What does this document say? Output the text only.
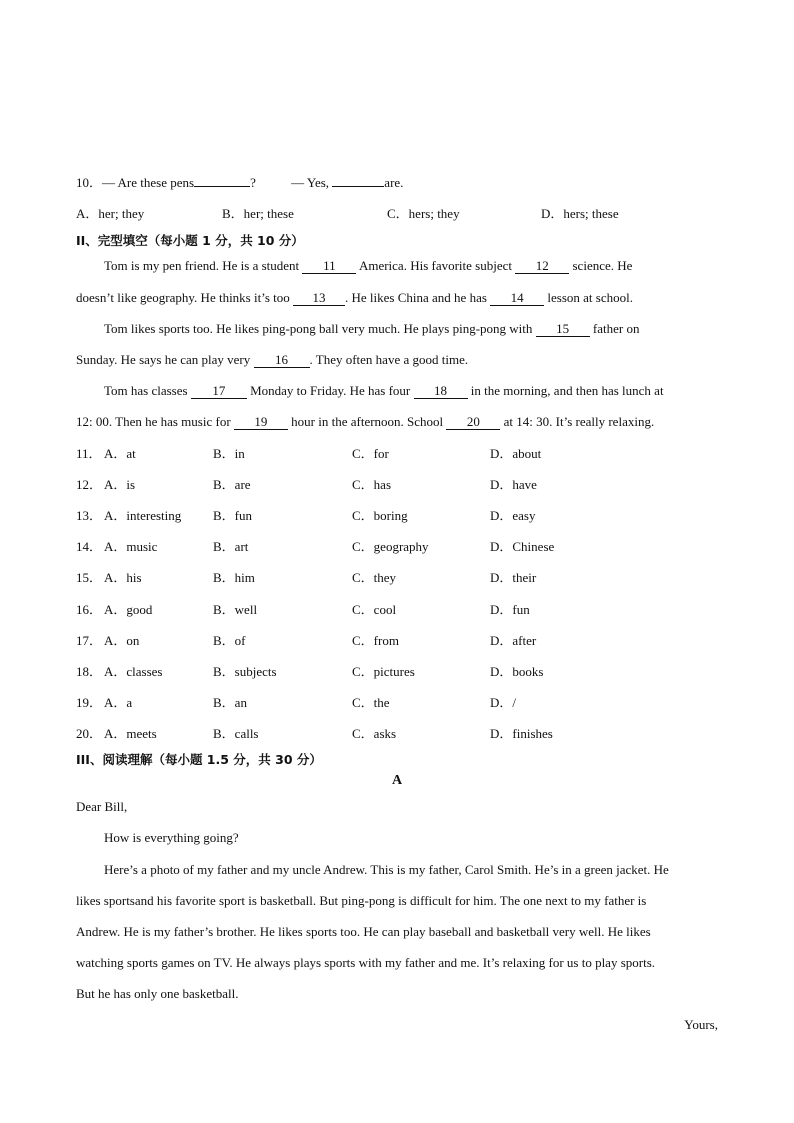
10．— Are these pens	?	— Yes,	are.
A．her; they	B．her; these	C．hers; they	D．hers; these
II、完型填空（每小题 1 分，共 10 分）
Tom is my pen friend. He is a student 11 America. His favorite subject 12 science. He
doesn’t like geography. He thinks it’s too 13 . He likes China and he has 14 lesson at school.
Tom likes sports too. He likes ping-pong ball very much. He plays ping-pong with 15 father on
Sunday. He says he can play very 16 . They often have a good time.
Tom has classes 17 Monday to Friday. He has four 18 in the morning, and then has lunch at
12: 00. Then he has music for 19 hour in the afternoon. School 20 at 14: 30. It’s really relaxing.
11． A．at	B．in	C．for	D．about
12． A．is	B．are	C．has	D．have
13． A．interesting B．fun	C．boring	D．easy
14． A．music	B．art	C．geography	D．Chinese
15． A．his	B．him	C．they	D．their
16． A．good	B．well	C．cool	D．fun
17． A．on	B．of	C．from	D．after
18． A．classes	B．subjects	C．pictures	D．books
19． A．a	B．an	C．the	D．/
20． A．meets	B．calls	C．asks	D．finishes
III、阅读理解（每小题 1.5 分，共 30 分）
A
Dear Bill,
How is everything going?
Here’s a photo of my father and my uncle Andrew. This is my father, Carol Smith. He’s in a green jacket. He
likes sportsand his favorite sport is basketball. But ping-pong is difficult for him. The one next to my father is
Andrew. He is my father’s brother. He likes sports too. He can play baseball and basketball very well. He likes
watching sports games on TV. He always plays sports with my father and me. It’s relaxing for us to play sports.
But he has only one basketball.
Yours,
